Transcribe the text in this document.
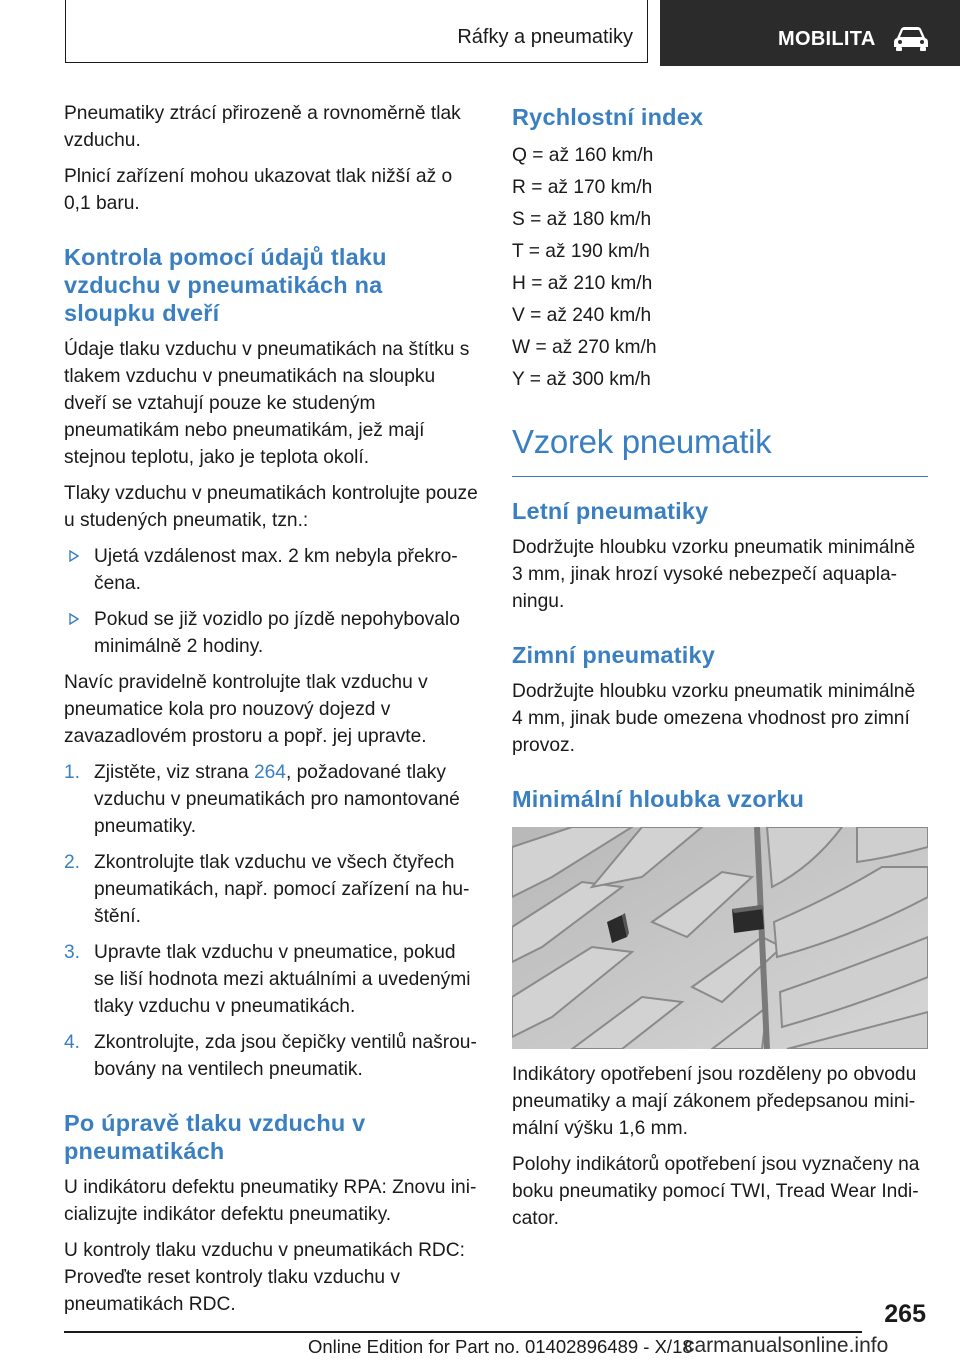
Ráfky a pneumatiky	MOBILITA

Pneumatiky ztrácí přirozeně a rovnoměrně tlak vzduchu.

Plnicí zařízení mohou ukazovat tlak nižší až o 0,1 baru.

Kontrola pomocí údajů tlaku vzduchu v pneumatikách na sloupku dveří

Údaje tlaku vzduchu v pneumatikách na štítku s tlakem vzduchu v pneumatikách na sloupku dveří se vztahují pouze ke studeným pneumatikám nebo pneumatikám, jež mají stejnou teplotu, jako je teplota okolí.

Tlaky vzduchu v pneumatikách kontrolujte pouze u studených pneumatik, tzn.:

Ujetá vzdálenost max. 2 km nebyla překročena.
Pokud se již vozidlo po jízdě nepohybovalo minimálně 2 hodiny.

Navíc pravidelně kontrolujte tlak vzduchu v pneumatice kola pro nouzový dojezd v zavazadlovém prostoru a popř. jej upravte.

1. Zjistěte, viz strana 264, požadované tlaky vzduchu v pneumatikách pro namontované pneumatiky.
2. Zkontrolujte tlak vzduchu ve všech čtyřech pneumatikách, např. pomocí zařízení na huštění.
3. Upravte tlak vzduchu v pneumatice, pokud se liší hodnota mezi aktuálními a uvedenými tlaky vzduchu v pneumatikách.
4. Zkontrolujte, zda jsou čepičky ventilů našroubovány na ventilech pneumatik.
Po úpravě tlaku vzduchu v pneumatikách

U indikátoru defektu pneumatiky RPA: Znovu inicializujte indikátor defektu pneumatiky.

U kontroly tlaku vzduchu v pneumatikách RDC: Proveďte reset kontroly tlaku vzduchu v pneumatikách RDC.

Rychlostní index

Q = až 160 km/h

R = až 170 km/h

S = až 180 km/h

T = až 190 km/h

H = až 210 km/h

V = až 240 km/h

W = až 270 km/h

Y = až 300 km/h

Vzorek pneumatik
Letní pneumatiky

Dodržujte hloubku vzorku pneumatik minimálně 3 mm, jinak hrozí vysoké nebezpečí aquaplaningu.

Zimní pneumatiky

Dodržujte hloubku vzorku pneumatik minimálně 4 mm, jinak bude omezena vhodnost pro zimní provoz.

Minimální hloubka vzorku

Indikátory opotřebení jsou rozděleny po obvodu pneumatiky a mají zákonem předepsanou minimální výšku 1,6 mm.

Polohy indikátorů opotřebení jsou vyznačeny na boku pneumatiky pomocí TWI, Tread Wear Indicator.

265
Online Edition for Part no. 01402896489 - X/18
carmanualsonline.info
